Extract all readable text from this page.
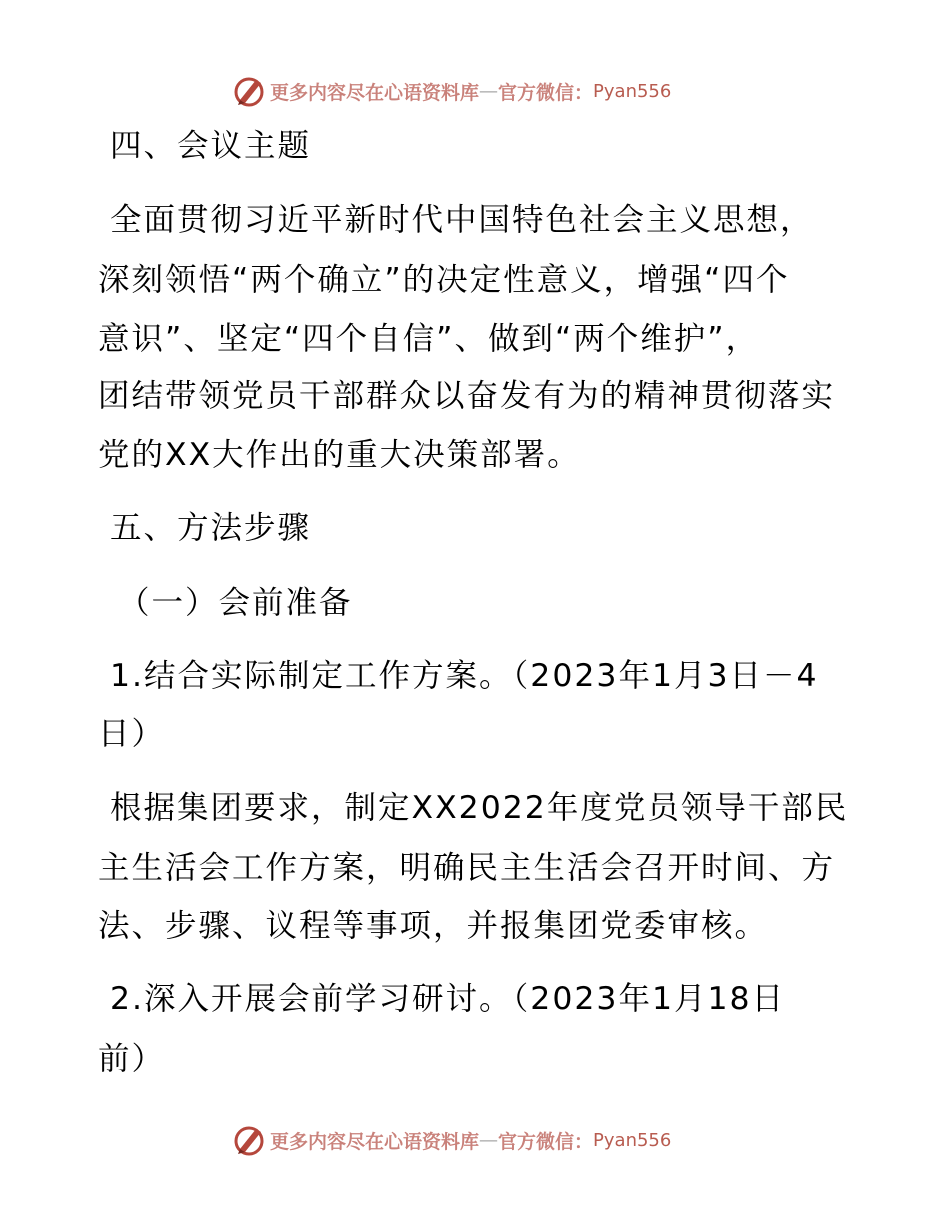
更多内容尽在心语资料库 — 官方微信： Pyan556
四、会议主题
全面贯彻习近平新时代中国特色社会主义思想，
深刻领悟“两个确立”的决定性意义，增强“四个
意识”、坚定“四个自信”、做到“两个维护”，
团结带领党员干部群众以奋发有为的精神贯彻落实
党的XX大作出的重大决策部署。
五、方法步骤
（一）会前准备
1.结合实际制定工作方案。（2023年1月3日－4
日）
根据集团要求，制定XX2022年度党员领导干部民
主生活会工作方案，明确民主生活会召开时间、方
法、步骤、议程等事项，并报集团党委审核。
2.深入开展会前学习研讨。（2023年1月18日
前）
更多内容尽在心语资料库 — 官方微信： Pyan556
